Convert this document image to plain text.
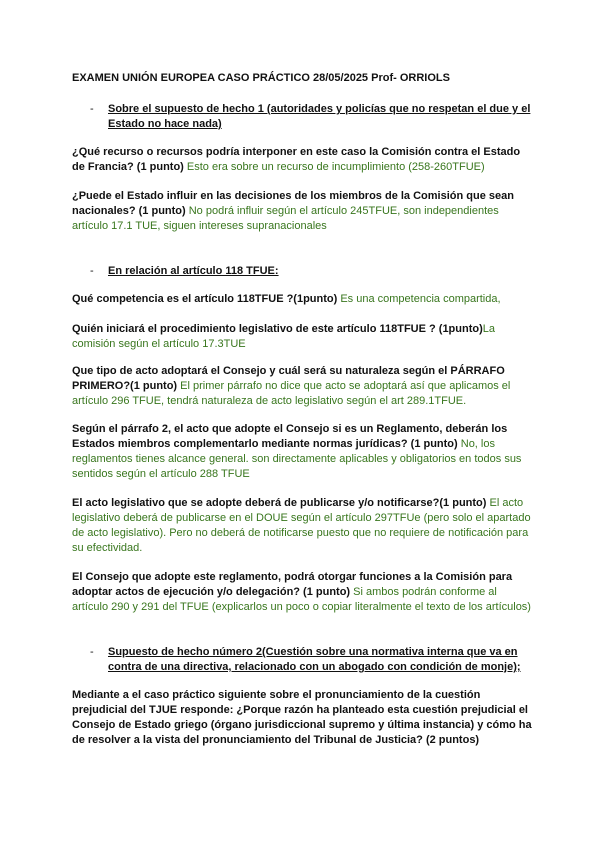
EXAMEN UNIÓN EUROPEA CASO PRÁCTICO 28/05/2025 Prof- ORRIOLS
- Sobre el supuesto de hecho 1 (autoridades y policías que no respetan el due y el Estado no hace nada)
¿Qué recurso o recursos podría interponer en este caso la Comisión contra el Estado de Francia? (1 punto) Esto era sobre un recurso de incumplimiento (258-260TFUE)
¿Puede el Estado influir en las decisiones de los miembros de la Comisión que sean nacionales? (1 punto) No podrá influir según el artículo 245TFUE, son independientes artículo 17.1 TUE, siguen intereses supranacionales
- En relación al artículo 118 TFUE:
Qué competencia es el artículo 118TFUE ?(1punto) Es una competencia compartida,
Quién iniciará el procedimiento legislativo de este artículo 118TFUE ? (1punto)La comisión según el artículo 17.3TUE
Que tipo de acto adoptará el Consejo y cuál será su naturaleza según el PÁRRAFO PRIMERO?(1 punto) El primer párrafo no dice que acto se adoptará así que aplicamos el artículo 296 TFUE, tendrá naturaleza de acto legislativo según el art 289.1TFUE.
Según el párrafo 2, el acto que adopte el Consejo si es un Reglamento, deberán los Estados miembros complementarlo mediante normas jurídicas? (1 punto) No, los reglamentos tienes alcance general. son directamente aplicables y obligatorios en todos sus sentidos según el artículo 288 TFUE
El acto legislativo que se adopte deberá de publicarse y/o notificarse?(1 punto) El acto legislativo deberá de publicarse en el DOUE según el artículo 297TFUe (pero solo el apartado de acto legislativo). Pero no deberá de notificarse puesto que no requiere de notificación para su efectividad.
El Consejo que adopte este reglamento, podrá otorgar funciones a la Comisión para adoptar actos de ejecución y/o delegación? (1 punto) Si ambos podrán conforme al artículo 290 y 291 del TFUE (explicarlos un poco o copiar literalmente el texto de los artículos)
- Supuesto de hecho número 2(Cuestión sobre una normativa interna que va en contra de una directiva, relacionado con un abogado con condición de monje);
Mediante a el caso práctico siguiente sobre el pronunciamiento de la cuestión prejudicial del TJUE responde: ¿Porque razón ha planteado esta cuestión prejudicial el Consejo de Estado griego (órgano jurisdiccional supremo y última instancia) y cómo ha de resolver a la vista del pronunciamiento del Tribunal de Justicia? (2 puntos)
